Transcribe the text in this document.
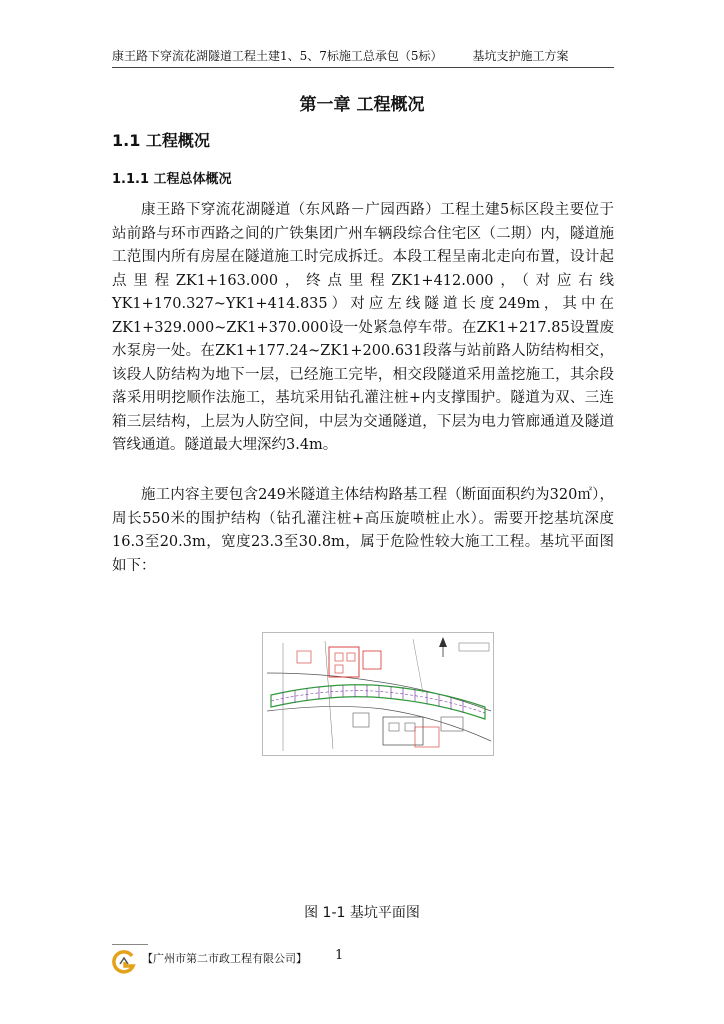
康王路下穿流花湖隧道工程土建1、5、7标施工总承包（5标）	基坑支护施工方案
第一章 工程概况
1.1 工程概况
1.1.1 工程总体概况

康王路下穿流花湖隧道（东风路－广园西路）工程土建5标区段主要位于站前路与环市西路之间的广铁集团广州车辆段综合住宅区（二期）内，隧道施工范围内所有房屋在隧道施工时完成拆迁。本段工程呈南北走向布置，设计起点里程ZK1+163.000，终点里程ZK1+412.000，（对应右线YK1+170.327~YK1+414.835）对应左线隧道长度249m，其中在ZK1+329.000~ZK1+370.000设一处紧急停车带。在ZK1+217.85设置废水泵房一处。在ZK1+177.24~ZK1+200.631段落与站前路人防结构相交，该段人防结构为地下一层，已经施工完毕，相交段隧道采用盖挖施工，其余段落采用明挖顺作法施工，基坑采用钻孔灌注桩+内支撑围护。隧道为双、三连箱三层结构，上层为人防空间，中层为交通隧道，下层为电力管廊通道及隧道管线通道。隧道最大埋深约3.4m。

施工内容主要包含249米隧道主体结构路基工程（断面面积约为320㎡），周长550米的围护结构（钻孔灌注桩+高压旋喷桩止水）。需要开挖基坑深度16.3至20.3m，宽度23.3至30.8m，属于危险性较大施工工程。基坑平面图如下：

图 1-1 基坑平面图
【广州市第二市政工程有限公司】 1
